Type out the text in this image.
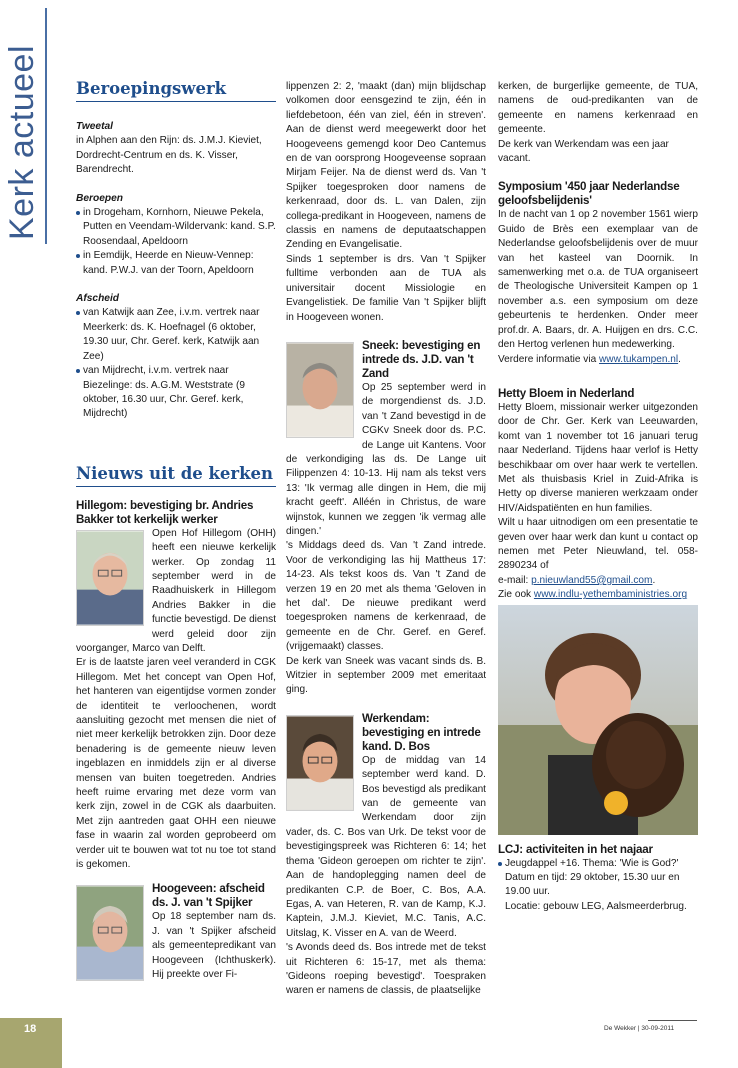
Kerk actueel Beroepingswerk
Tweetal

in Alphen aan den Rijn: ds. J.M.J. Kieviet, Dordrecht-Centrum en ds. K. Visser, Barendrecht.

Beroepen
in Drogeham, Kornhorn, Nieuwe Pekela, Putten en Veendam-Wildervank: kand. S.P. Roosendaal, Apeldoorn
in Eemdijk, Heerde en Nieuw-Vennep: kand. P.W.J. van der Toorn, Apeldoorn
Afscheid
van Katwijk aan Zee, i.v.m. vertrek naar Meerkerk: ds. K. Hoefnagel (6 oktober, 19.30 uur, Chr. Geref. kerk, Katwijk aan Zee)
van Mijdrecht, i.v.m. vertrek naar Biezelinge: ds. A.G.M. Weststrate (9 oktober, 16.30 uur, Chr. Geref. kerk, Mijdrecht)
Nieuws uit de kerken
Hillegom: bevestiging br. Andries Bakker tot kerkelijk werker

Open Hof Hillegom (OHH) heeft een nieuwe kerkelijk werker. Op zondag 11 september werd in de Raadhuiskerk in Hillegom Andries Bakker in die functie bevestigd. De dienst werd geleid door zijn voorganger, Marco van Delft.

Er is de laatste jaren veel veranderd in CGK Hillegom. Met het concept van Open Hof, het hanteren van eigentijdse vormen zonder de identiteit te verloochenen, wordt aansluiting gezocht met mensen die niet of niet meer kerkelijk betrokken zijn. Door deze benadering is de gemeente nieuw leven ingeblazen en inmiddels zijn er al diverse mensen van buiten toegetreden. Andries heeft ruime ervaring met deze vorm van kerk zijn, zowel in de CGK als daarbuiten. Met zijn aantreden gaat OHH een nieuwe fase in waarin zal worden geprobeerd om verder uit te bouwen wat tot nu toe tot stand is gekomen.

Hoogeveen: afscheid ds. J. van 't Spijker

Op 18 september nam ds. J. van 't Spijker afscheid als gemeentepredikant van Hoogeveen (Ichthuskerk). Hij preekte over Fi-

lippenzen 2: 2, 'maakt (dan) mijn blijdschap volkomen door eensgezind te zijn, één in liefdebetoon, één van ziel, één in streven'. Aan de dienst werd meegewerkt door het Hoogeveens gemengd koor Deo Cantemus en de van oorsprong Hoogeveense sopraan Mirjam Feijer. Na de dienst werd ds. Van 't Spijker toegesproken door namens de kerkenraad, door ds. L. van Dalen, zijn collega-predikant in Hoogeveen, namens de classis en namens de deputaatschappen Zending en Evangelisatie.

Sinds 1 september is drs. Van 't Spijker fulltime verbonden aan de TUA als universitair docent Missiologie en Evangelistiek. De familie Van 't Spijker blijft in Hoogeveen wonen.

Sneek: bevestiging en intrede ds. J.D. van 't Zand

Op 25 september werd in de morgendienst ds. J.D. van 't Zand bevestigd in de CGKv Sneek door ds. P.C. de Lange uit Kantens. Voor de verkondiging las ds. De Lange uit Filippenzen 4: 10-13. Hij nam als tekst vers 13: 'Ik vermag alle dingen in Hem, die mij kracht geeft'. Alléén in Christus, de ware wijnstok, kunnen we zeggen 'ik vermag alle dingen.'

's Middags deed ds. Van 't Zand intrede. Voor de verkondiging las hij Mattheus 17: 14-23. Als tekst koos ds. Van 't Zand de verzen 19 en 20 met als thema 'Geloven in het dal'. De nieuwe predikant werd toegesproken namens de kerkenraad, de gemeente en de Chr. Geref. en Geref. (vrijgemaakt) classes.

De kerk van Sneek was vacant sinds ds. B. Witzier in september 2009 met emeritaat ging.

Werkendam: bevestiging en intrede kand. D. Bos

Op de middag van 14 september werd kand. D. Bos bevestigd als predikant van de gemeente van Werkendam door zijn vader, ds. C. Bos van Urk. De tekst voor de bevestigingspreek was Richteren 6: 14; het thema 'Gideon geroepen om richter te zijn'. Aan de handoplegging namen deel de predikanten C.P. de Boer, C. Bos, A.A. Egas, A. van Heteren, R. van de Kamp, K.J. Kaptein, J.M.J. Kieviet, M.C. Tanis, A.C. Uitslag, K. Visser en A. van de Weerd.

's Avonds deed ds. Bos intrede met de tekst uit Richteren 6: 15-17, met als thema: 'Gideons roeping bevestigd'. Toespraken waren er namens de classis, de plaatselijke

kerken, de burgerlijke gemeente, de TUA, namens de oud-predikanten van de gemeente en namens kerkenraad en gemeente.

De kerk van Werkendam was een jaar vacant.

Symposium '450 jaar Nederlandse geloofsbelijdenis'

In de nacht van 1 op 2 november 1561 wierp Guido de Brès een exemplaar van de Nederlandse geloofsbelijdenis over de muur van het kasteel van Doornik. In samenwerking met o.a. de TUA organiseert de Theologische Universiteit Kampen op 1 november a.s. een symposium om deze gebeurtenis te herdenken. Onder meer prof.dr. A. Baars, dr. A. Huijgen en drs. C.C. den Hertog verlenen hun medewerking.

Verdere informatie via www.tukampen.nl.

Hetty Bloem in Nederland

Hetty Bloem, missionair werker uitgezonden door de Chr. Ger. Kerk van Leeuwarden, komt van 1 november tot 16 januari terug naar Nederland. Tijdens haar verlof is Hetty beschikbaar om over haar werk te vertellen. Met als thuisbasis Kriel in Zuid-Afrika is Hetty op diverse manieren werkzaam onder HIV/Aidspatiënten en hun families.

Wilt u haar uitnodigen om een presentatie te geven over haar werk dan kunt u contact op nemen met Peter Nieuwland, tel. 058-2890234 of

e-mail: p.nieuwland55@gmail.com.

Zie ook www.indlu-yethembaministries.org

LCJ: activiteiten in het najaar
Jeugdappel +16. Thema: 'Wie is God?'

Datum en tijd: 29 oktober, 15.30 uur en 19.00 uur.

Locatie: gebouw LEG, Aalsmeerderbrug.

18	De Wekker | 30-09-2011
